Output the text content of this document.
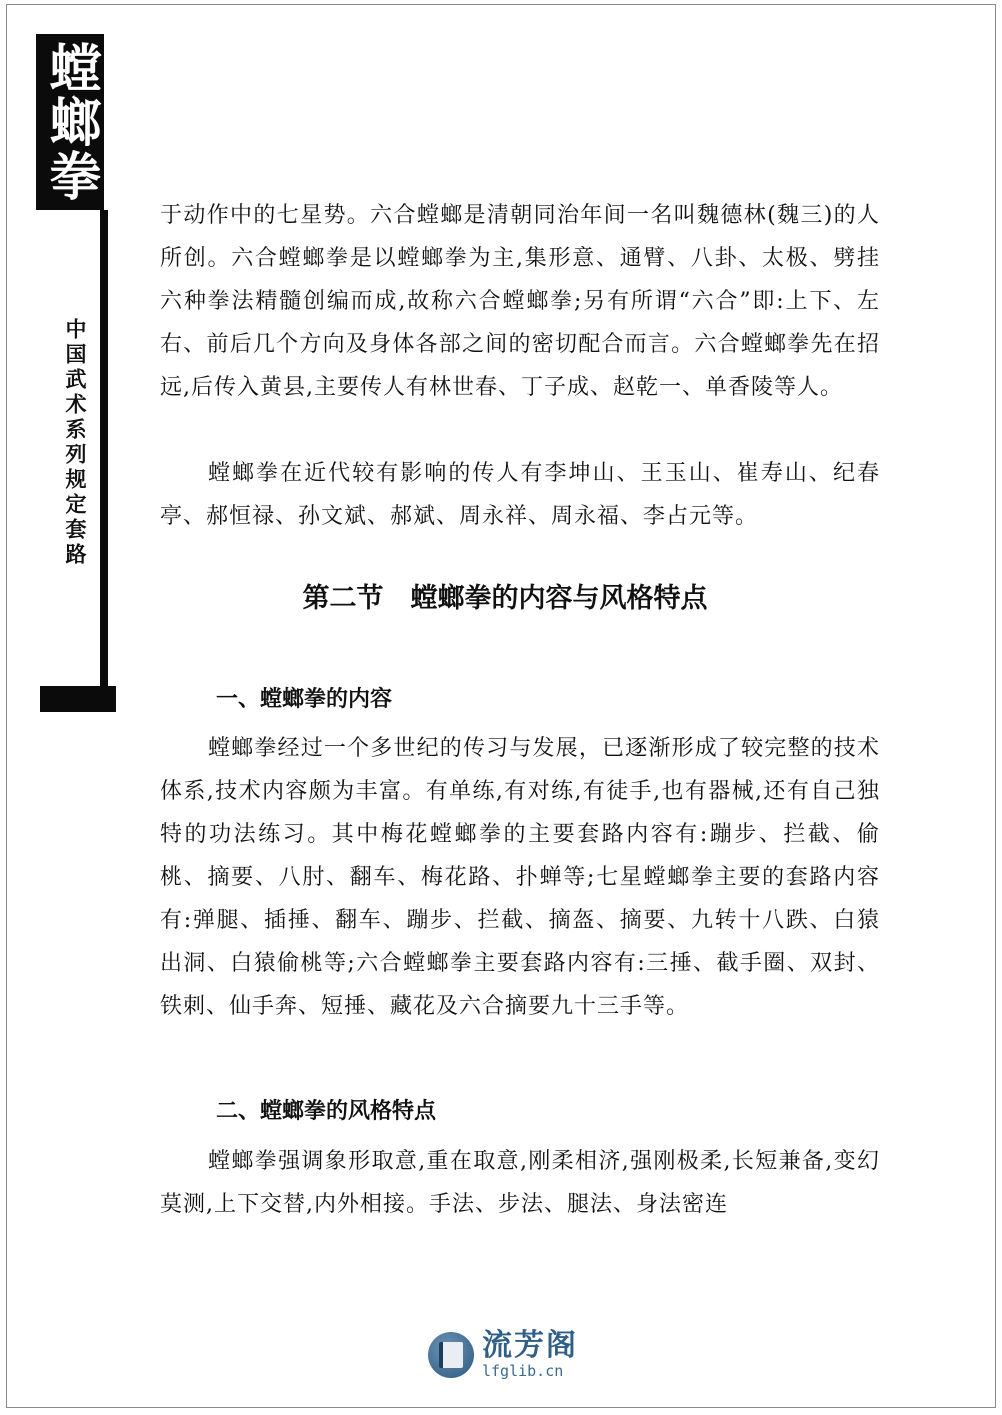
螳螂拳
中国武术系列规定套路

于动作中的七星势。六合螳螂是清朝同治年间一名叫魏德林(魏三)的人所创。六合螳螂拳是以螳螂拳为主,集形意、通臂、八卦、太极、劈挂六种拳法精髓创编而成,故称六合螳螂拳;另有所谓“六合”即:上下、左右、前后几个方向及身体各部之间的密切配合而言。六合螳螂拳先在招远,后传入黄县,主要传人有林世春、丁子成、赵乾一、单香陵等人。

螳螂拳在近代较有影响的传人有李坤山、王玉山、崔寿山、纪春亭、郝恒禄、孙文斌、郝斌、周永祥、周永福、李占元等。

第二节　螳螂拳的内容与风格特点
一、螳螂拳的内容

螳螂拳经过一个多世纪的传习与发展，已逐渐形成了较完整的技术体系,技术内容颇为丰富。有单练,有对练,有徒手,也有器械,还有自己独特的功法练习。其中梅花螳螂拳的主要套路内容有:蹦步、拦截、偷桃、摘要、八肘、翻车、梅花路、扑蝉等;七星螳螂拳主要的套路内容有:弹腿、插捶、翻车、蹦步、拦截、摘盔、摘要、九转十八跌、白猿出洞、白猿偷桃等;六合螳螂拳主要套路内容有:三捶、截手圈、双封、铁刺、仙手奔、短捶、藏花及六合摘要九十三手等。

二、螳螂拳的风格特点

螳螂拳强调象形取意,重在取意,刚柔相济,强刚极柔,长短兼备,变幻莫测,上下交替,内外相接。手法、步法、腿法、身法密连

流芳阁
lfglib.cn
